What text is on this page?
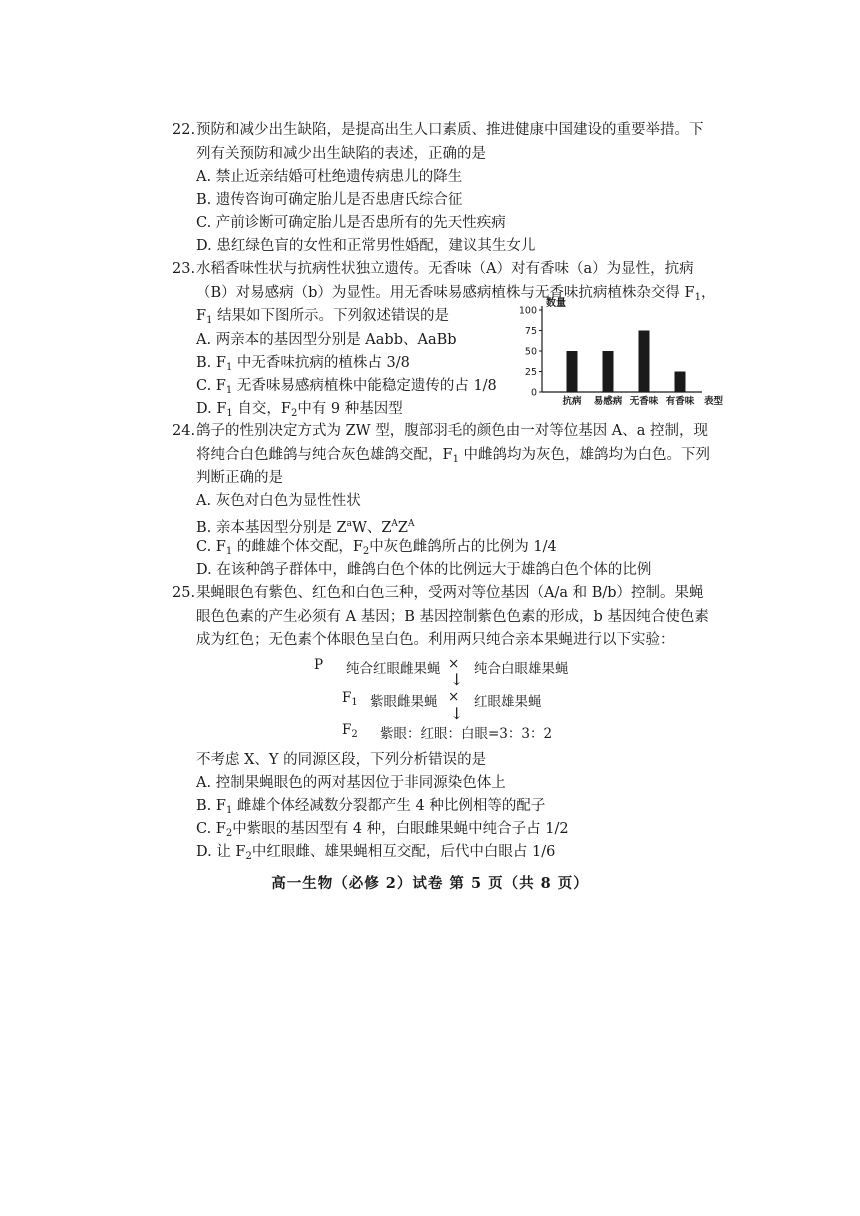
22. 预防和减少出生缺陷，是提高出生人口素质、推进健康中国建设的重要举措。下
列有关预防和减少出生缺陷的表述，正确的是
A. 禁止近亲结婚可杜绝遗传病患儿的降生
B. 遗传咨询可确定胎儿是否患唐氏综合征
C. 产前诊断可确定胎儿是否患所有的先天性疾病
D. 患红绿色盲的女性和正常男性婚配，建议其生女儿
23. 水稻香味性状与抗病性状独立遗传。无香味（A）对有香味（a）为显性，抗病
（B）对易感病（b）为显性。用无香味易感病植株与无香味抗病植株杂交得 $F_1$，
$F_1$ 结果如下图所示。下列叙述错误的是
A. 两亲本的基因型分别是 Aabb、AaBb
B. $F_1$ 中无香味抗病的植株占 3/8
C. $F_1$ 无香味易感病植株中能稳定遗传的占 1/8
D. $F_1$ 自交，$F_2$中有 9 种基因型
数量
0
25
50
75
100
抗病 易感病 无香味 有香味 表型
24. 鸽子的性别决定方式为 ZW 型，腹部羽毛的颜色由一对等位基因 A、a 控制，现
将纯合白色雌鸽与纯合灰色雄鸽交配，$F_1$ 中雌鸽均为灰色，雄鸽均为白色。下列
判断正确的是
A. 灰色对白色为显性性状
B. 亲本基因型分别是 $Z^aW$、$Z^AZ^A$
C. $F_1$ 的雌雄个体交配，$F_2$中灰色雌鸽所占的比例为 1/4
D. 在该种鸽子群体中，雌鸽白色个体的比例远大于雄鸽白色个体的比例
25. 果蝇眼色有紫色、红色和白色三种，受两对等位基因（A/a 和 B/b）控制。果蝇
眼色色素的产生必须有 A 基因；B 基因控制紫色色素的形成，b 基因纯合使色素
成为红色；无色素个体眼色呈白色。利用两只纯合亲本果蝇进行以下实验：
P 纯合红眼雌果蝇 × 纯合白眼雄果蝇
↓
$F_1$ 紫眼雌果蝇 × 红眼雄果蝇
↓
$F_2$ 紫眼：红眼：白眼=3：3：2
不考虑 X、Y 的同源区段，下列分析错误的是
A. 控制果蝇眼色的两对基因位于非同源染色体上
B. $F_1$ 雌雄个体经减数分裂都产生 4 种比例相等的配子
C. $F_2$中紫眼的基因型有 4 种，白眼雌果蝇中纯合子占 1/2
D. 让 $F_2$中红眼雌、雄果蝇相互交配，后代中白眼占 1/6
高一生物（必修 2）试卷 第 5 页（共 8 页）
